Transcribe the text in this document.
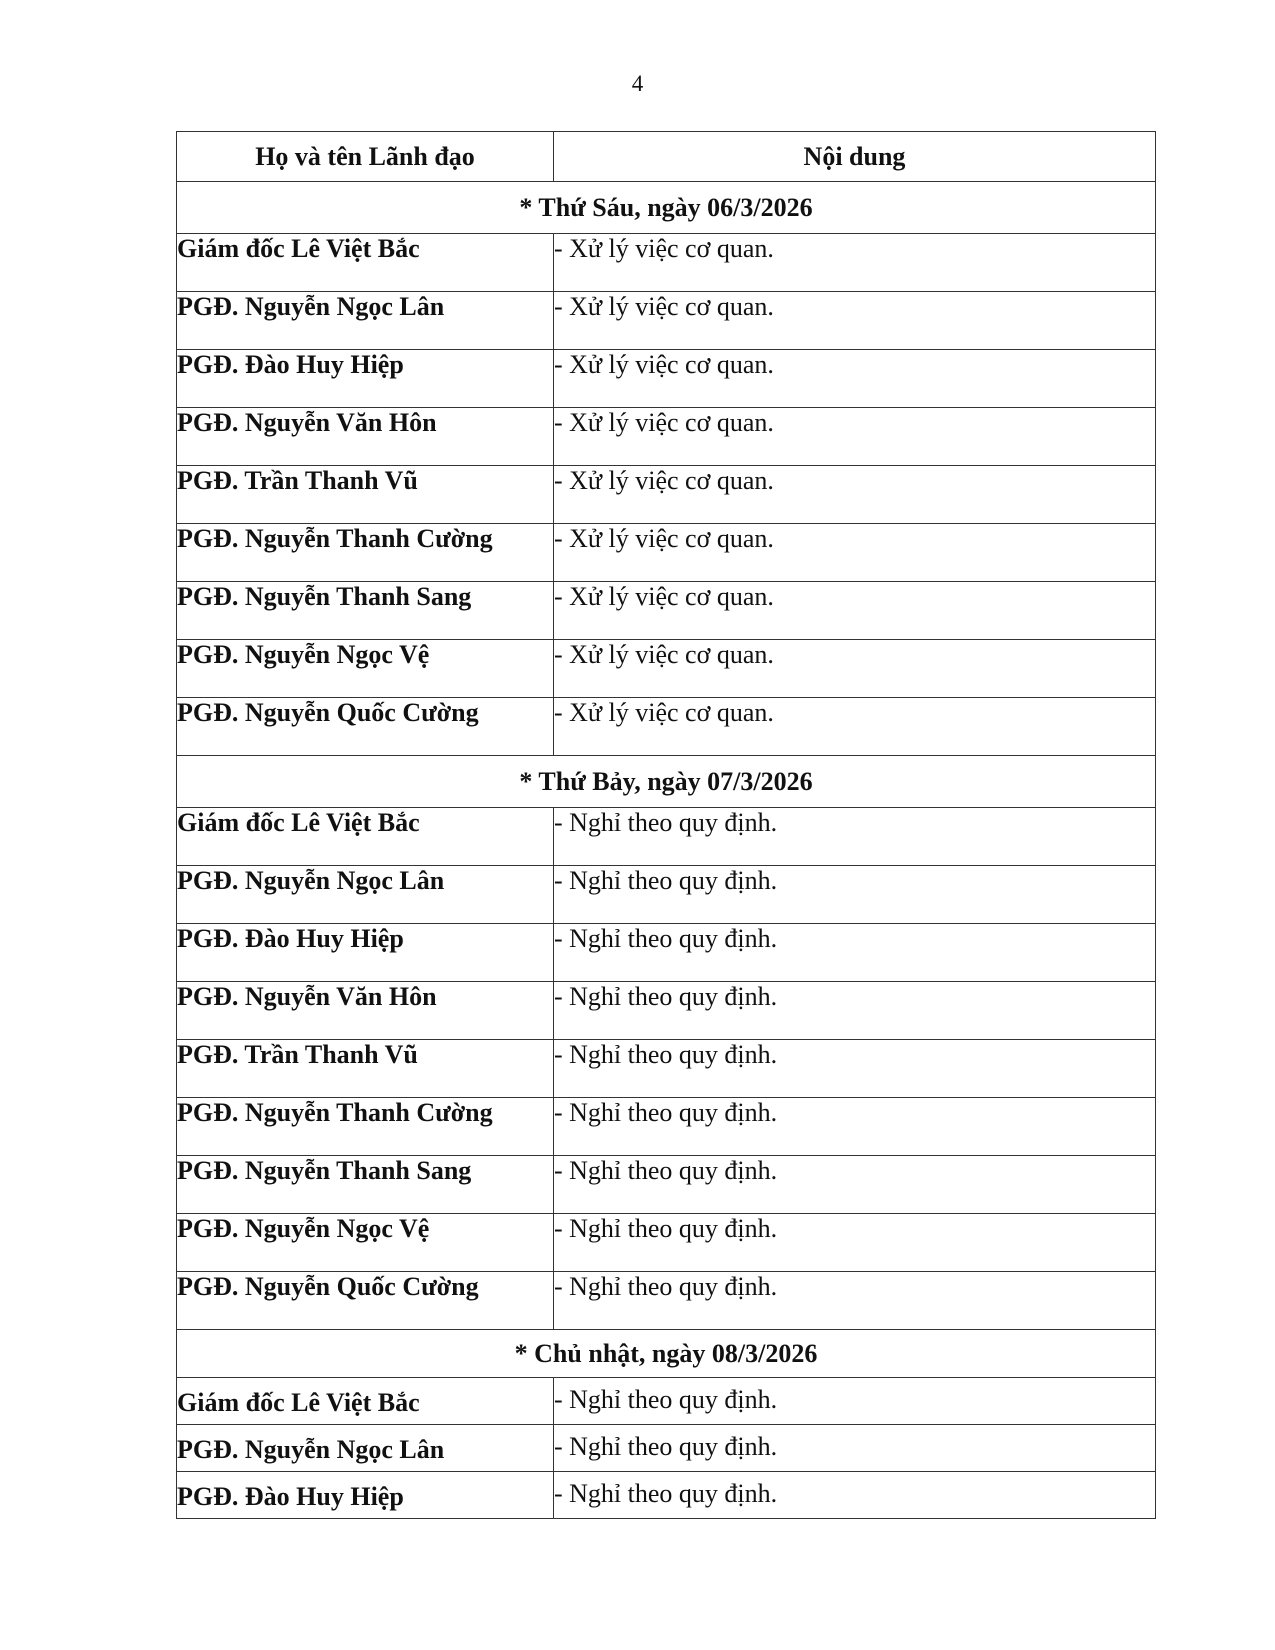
4
Họ và tên Lãnh đạo	Nội dung
* Thứ Sáu, ngày 06/3/2026	
Giám đốc Lê Việt Bắc	- Xử lý việc cơ quan.
PGĐ. Nguyễn Ngọc Lân	- Xử lý việc cơ quan.
PGĐ. Đào Huy Hiệp	- Xử lý việc cơ quan.
PGĐ. Nguyễn Văn Hôn	- Xử lý việc cơ quan.
PGĐ. Trần Thanh Vũ	- Xử lý việc cơ quan.
PGĐ. Nguyễn Thanh Cường	- Xử lý việc cơ quan.
PGĐ. Nguyễn Thanh Sang	- Xử lý việc cơ quan.
PGĐ. Nguyễn Ngọc Vệ	- Xử lý việc cơ quan.
PGĐ. Nguyễn Quốc Cường	- Xử lý việc cơ quan.
* Thứ Bảy, ngày 07/3/2026	
Giám đốc Lê Việt Bắc	- Nghỉ theo quy định.
PGĐ. Nguyễn Ngọc Lân	- Nghỉ theo quy định.
PGĐ. Đào Huy Hiệp	- Nghỉ theo quy định.
PGĐ. Nguyễn Văn Hôn	- Nghỉ theo quy định.
PGĐ. Trần Thanh Vũ	- Nghỉ theo quy định.
PGĐ. Nguyễn Thanh Cường	- Nghỉ theo quy định.
PGĐ. Nguyễn Thanh Sang	- Nghỉ theo quy định.
PGĐ. Nguyễn Ngọc Vệ	- Nghỉ theo quy định.
PGĐ. Nguyễn Quốc Cường	- Nghỉ theo quy định.
* Chủ nhật, ngày 08/3/2026	
Giám đốc Lê Việt Bắc	- Nghỉ theo quy định.
PGĐ. Nguyễn Ngọc Lân	- Nghỉ theo quy định.
PGĐ. Đào Huy Hiệp	- Nghỉ theo quy định.
